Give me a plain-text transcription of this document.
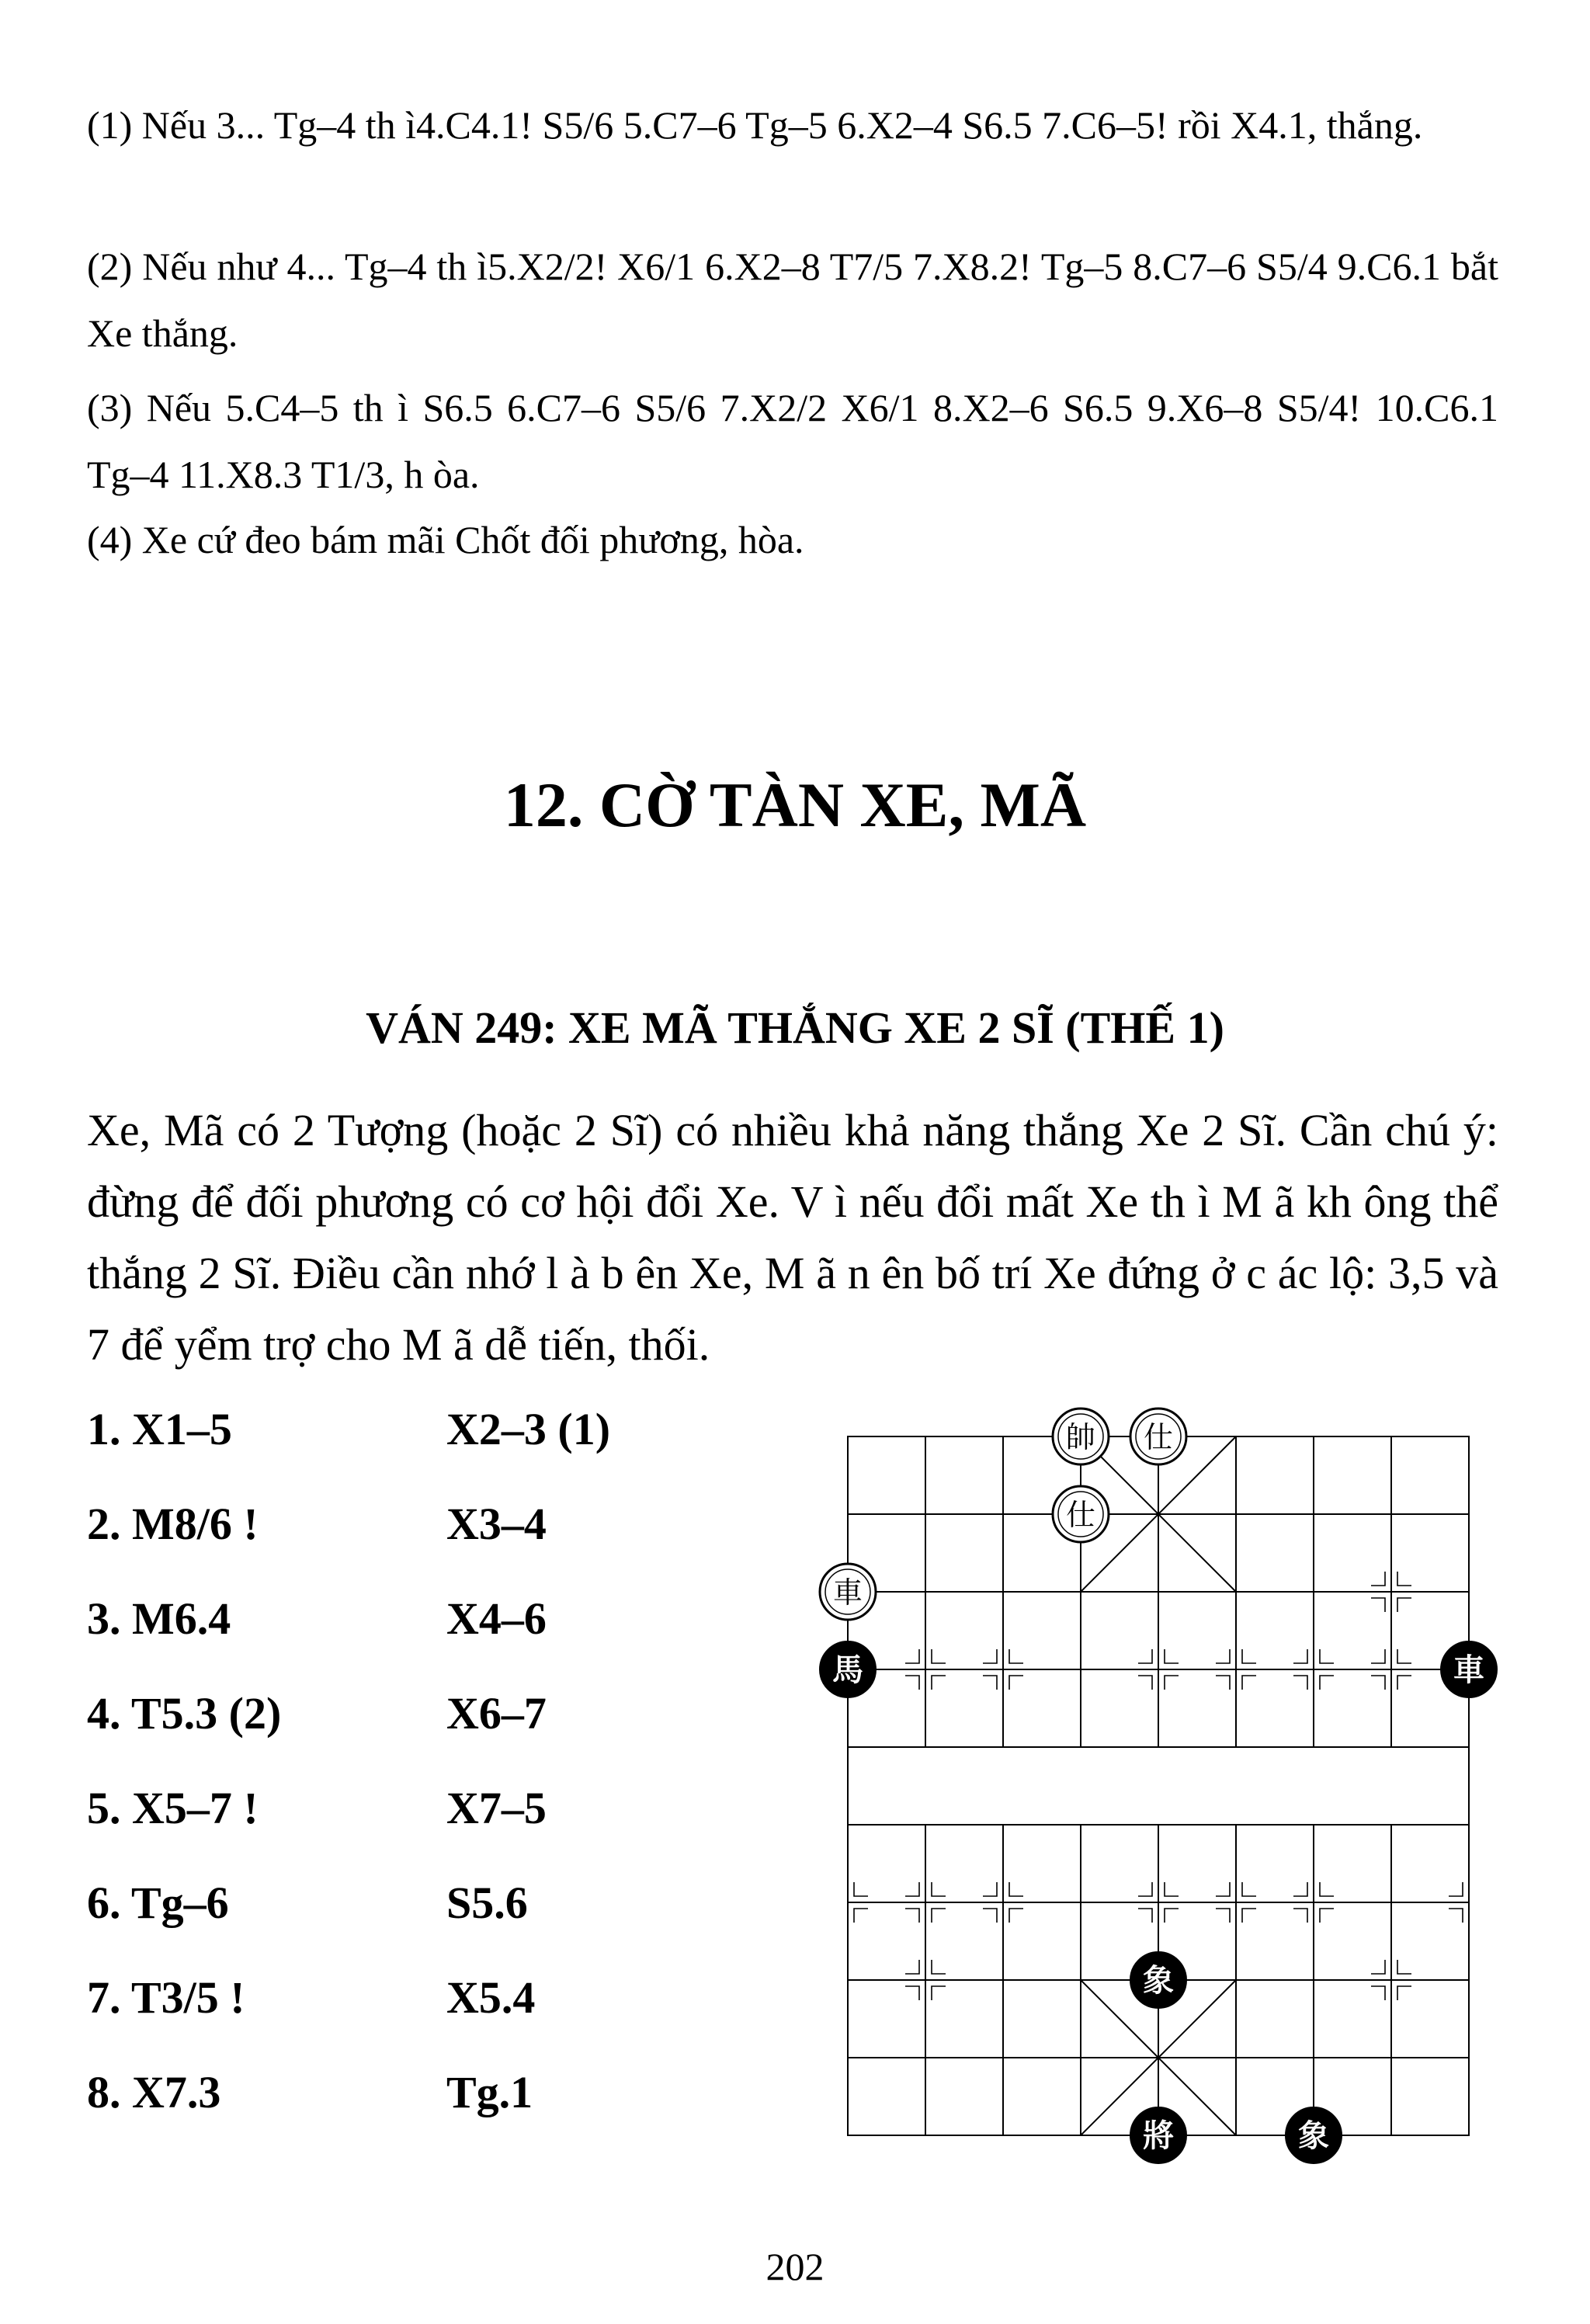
(1) Nếu 3... Tg–4 th ì4.C4.1! S5/6 5.C7–6 Tg–5 6.X2–4 S6.5 7.C6–5! rồi X4.1, thắng.

(2) Nếu như 4... Tg–4 th ì5.X2/2! X6/1 6.X2–8 T7/5 7.X8.2! Tg–5 8.C7–6 S5/4 9.C6.1 bắt Xe thắng.

(3) Nếu 5.C4–5 th ì S6.5 6.C7–6 S5/6 7.X2/2 X6/1 8.X2–6 S6.5 9.X6–8 S5/4! 10.C6.1 Tg–4 11.X8.3 T1/3, h òa.

(4) Xe cứ đeo bám mãi Chốt đối phương, hòa.

12. CỜ TÀN XE, MÃ
VÁN 249: XE MÃ THẮNG XE 2 SĨ (THẾ 1)

Xe, Mã có 2 Tượng (hoặc 2 Sĩ) có nhiều khả năng thắng Xe 2 Sĩ. Cần chú ý: đừng để đối phương có cơ hội đổi Xe. V ì nếu đổi mất Xe th ì M ã kh ông thể thắng 2 Sĩ. Điều cần nhớ l à b ên Xe, M ã n ên bố trí Xe đứng ở c ác lộ: 3,5 và 7 để yểm trợ cho M ã dễ tiến, thối.

1. X1–5	X2–3 (1)
2. M8/6 !	X3–4
3. M6.4	X4–6
4. T5.3 (2)	X6–7
5. X5–7 !	X7–5
6. Tg–6	S5.6
7. T3/5 !	X5.4
8. X7.3	Tg.1
帥 仕
仕
車
馬	車
象
將	象
202
